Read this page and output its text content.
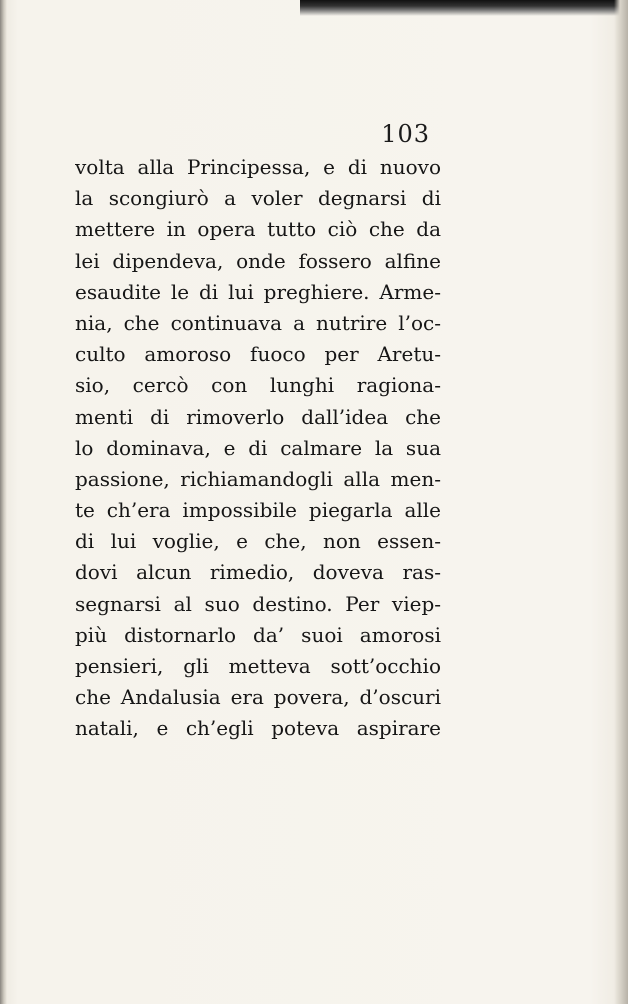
103
volta alla Principessa, e di nuovo
la scongiurò a voler degnarsi di
mettere in opera tutto ciò che da
lei dipendeva, onde fossero alfine
esaudite le di lui preghiere. Arme-
nia, che continuava a nutrire l’oc-
culto amoroso fuoco per Aretu-
sio, cercò con lunghi ragiona-
menti di rimoverlo dall’idea che
lo dominava, e di calmare la sua
passione, richiamandogli alla men-
te ch’era impossibile piegarla alle
di lui voglie, e che, non essen-
dovi alcun rimedio, doveva ras-
segnarsi al suo destino. Per viep-
più distornarlo da’ suoi amorosi
pensieri, gli metteva sott’occhio
che Andalusia era povera, d’oscuri
natali, e ch’egli poteva aspirare
